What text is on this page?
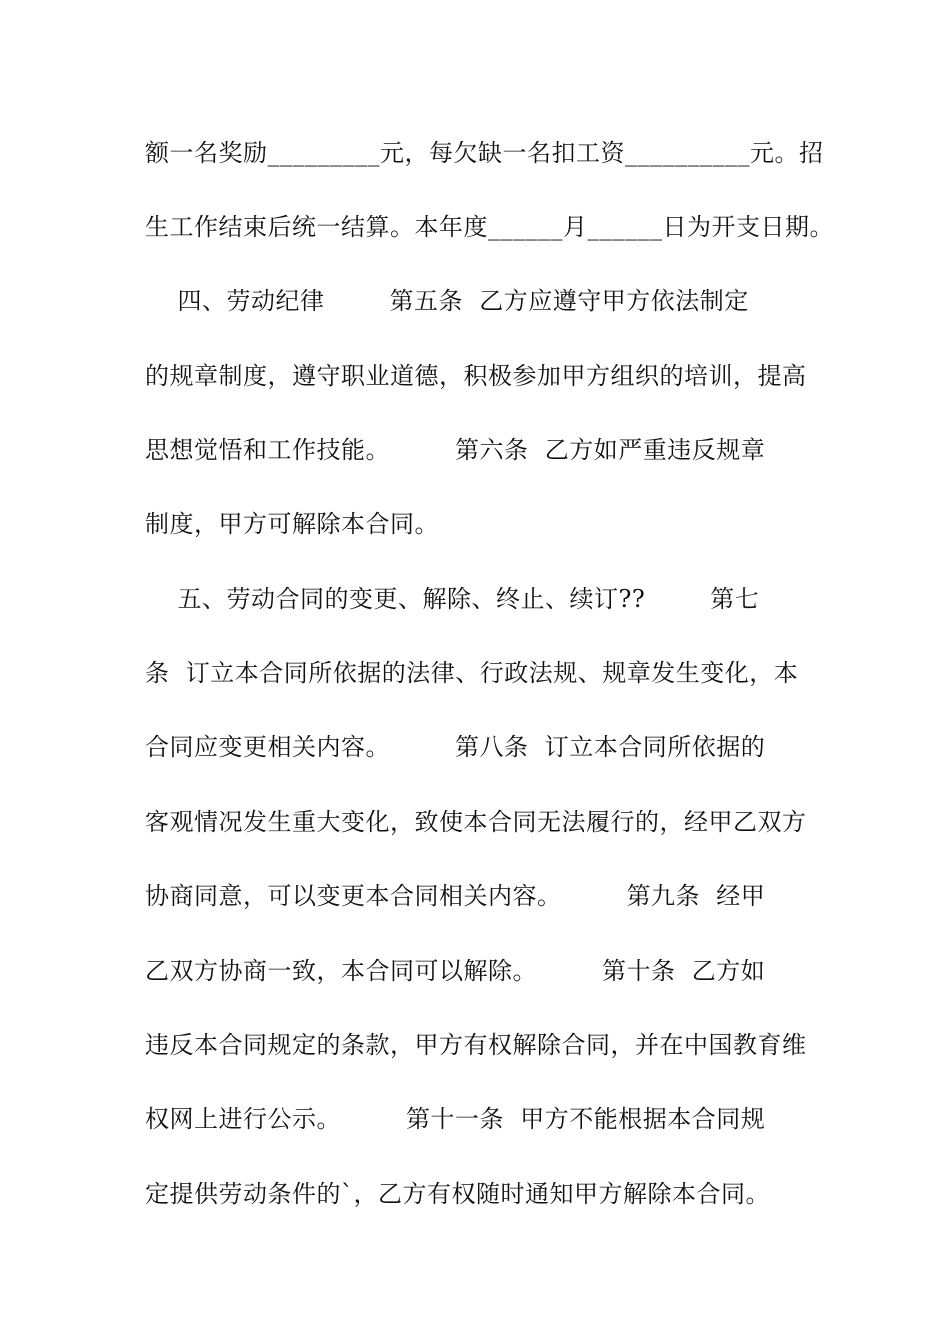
额一名奖励_________元，每欠缺一名扣工资__________元。招
生工作结束后统一结算。本年度______月______日为开支日期。
四、劳动纪律        第五条  乙方应遵守甲方依法制定
的规章制度，遵守职业道德，积极参加甲方组织的培训，提高
思想觉悟和工作技能。        第六条  乙方如严重违反规章
制度，甲方可解除本合同。
五、劳动合同的变更、解除、终止、续订??        第七
条  订立本合同所依据的法律、行政法规、规章发生变化，本
合同应变更相关内容。        第八条  订立本合同所依据的
客观情况发生重大变化，致使本合同无法履行的，经甲乙双方
协商同意，可以变更本合同相关内容。        第九条  经甲
乙双方协商一致，本合同可以解除。        第十条  乙方如
违反本合同规定的条款，甲方有权解除合同，并在中国教育维
权网上进行公示。        第十一条  甲方不能根据本合同规
定提供劳动条件的`，乙方有权随时通知甲方解除本合同。
